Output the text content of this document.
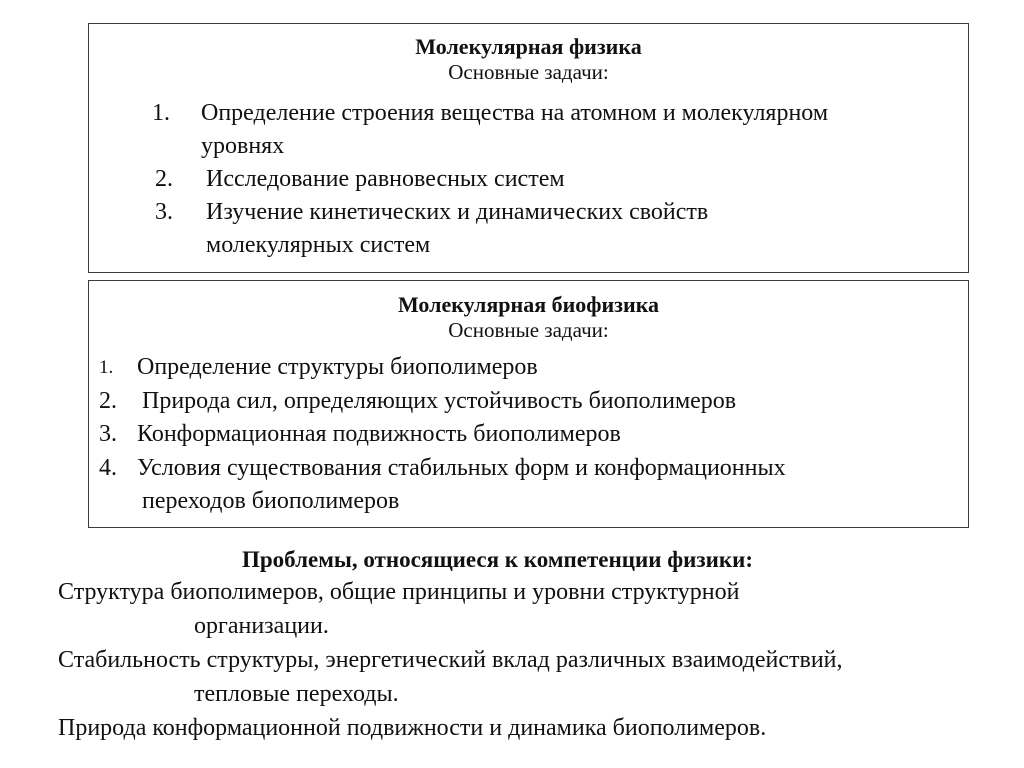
Молекулярная физика
Основные задачи:
1.	Определение строения вещества на атомном и молекулярном
уровнях
2.	Исследование равновесных систем
3.	Изучение кинетических и динамических свойств
молекулярных систем
Молекулярная биофизика
Основные задачи:
1. Определение структуры биополимеров
2.	Природа сил, определяющих устойчивость биополимеров
3. Конформационная подвижность биополимеров
4. Условия существования стабильных форм и конформационных
переходов биополимеров
Проблемы, относящиеся к компетенции физики:
Структура биополимеров, общие принципы и уровни структурной
организации.
Стабильность структуры, энергетический вклад различных взаимодействий,
тепловые переходы.
Природа конформационной подвижности и динамика биополимеров.
